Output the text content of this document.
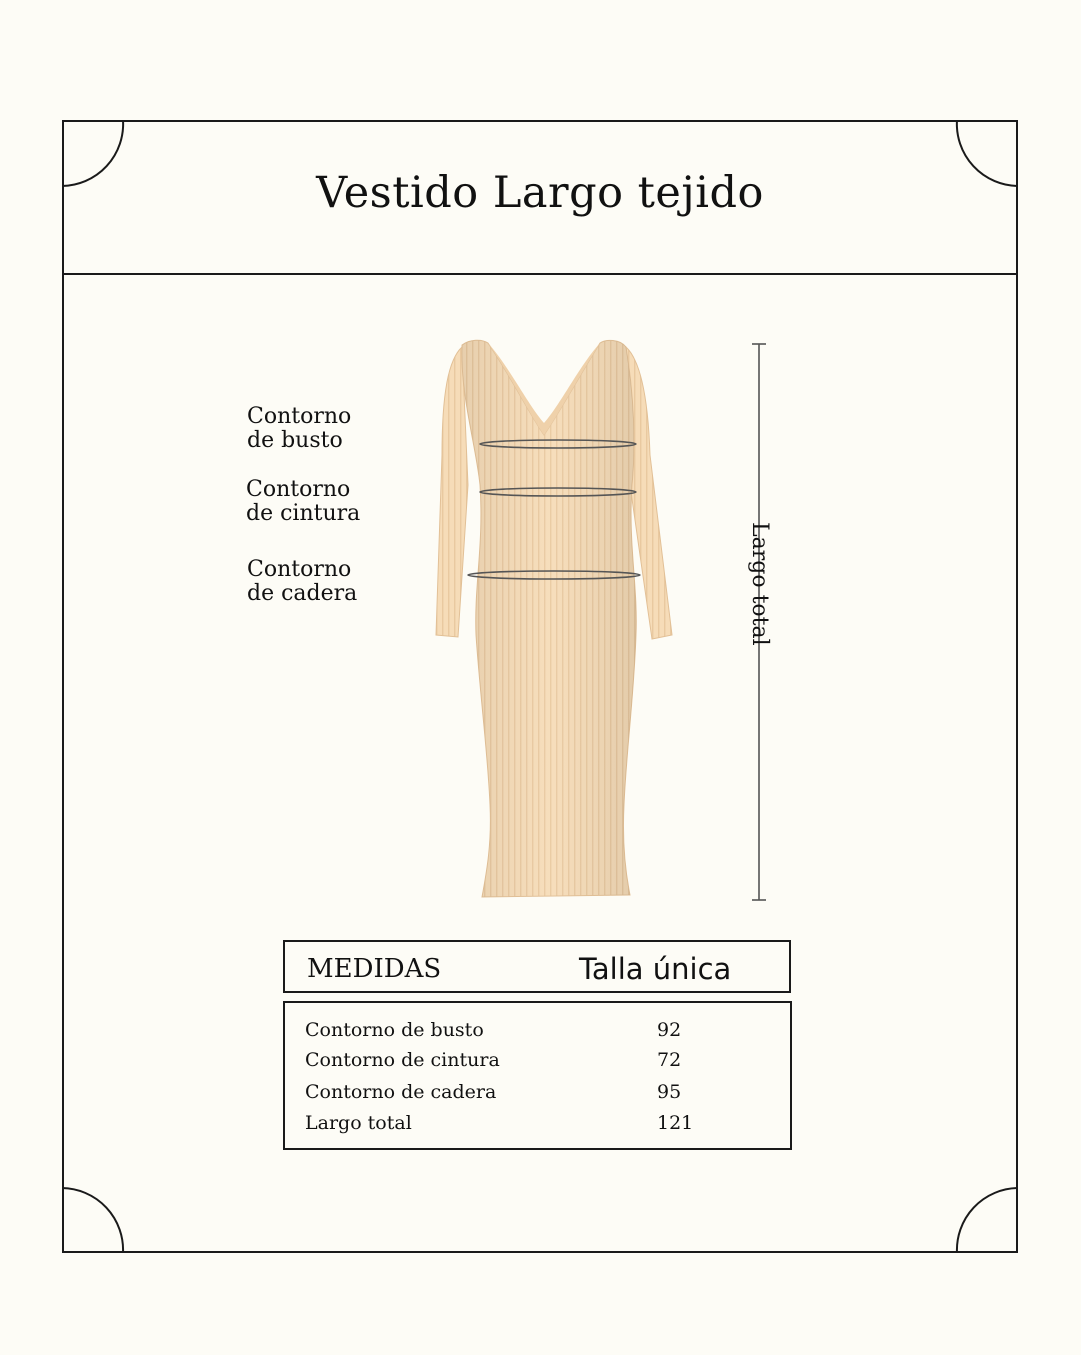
Vestido Largo tejido
Contorno
de busto
Contorno
de cintura
Contorno
de cadera	Largo total
MEDIDAS	Talla única
Contorno de busto	92
Contorno de cintura	72
Contorno de cadera	95
Largo total	121
